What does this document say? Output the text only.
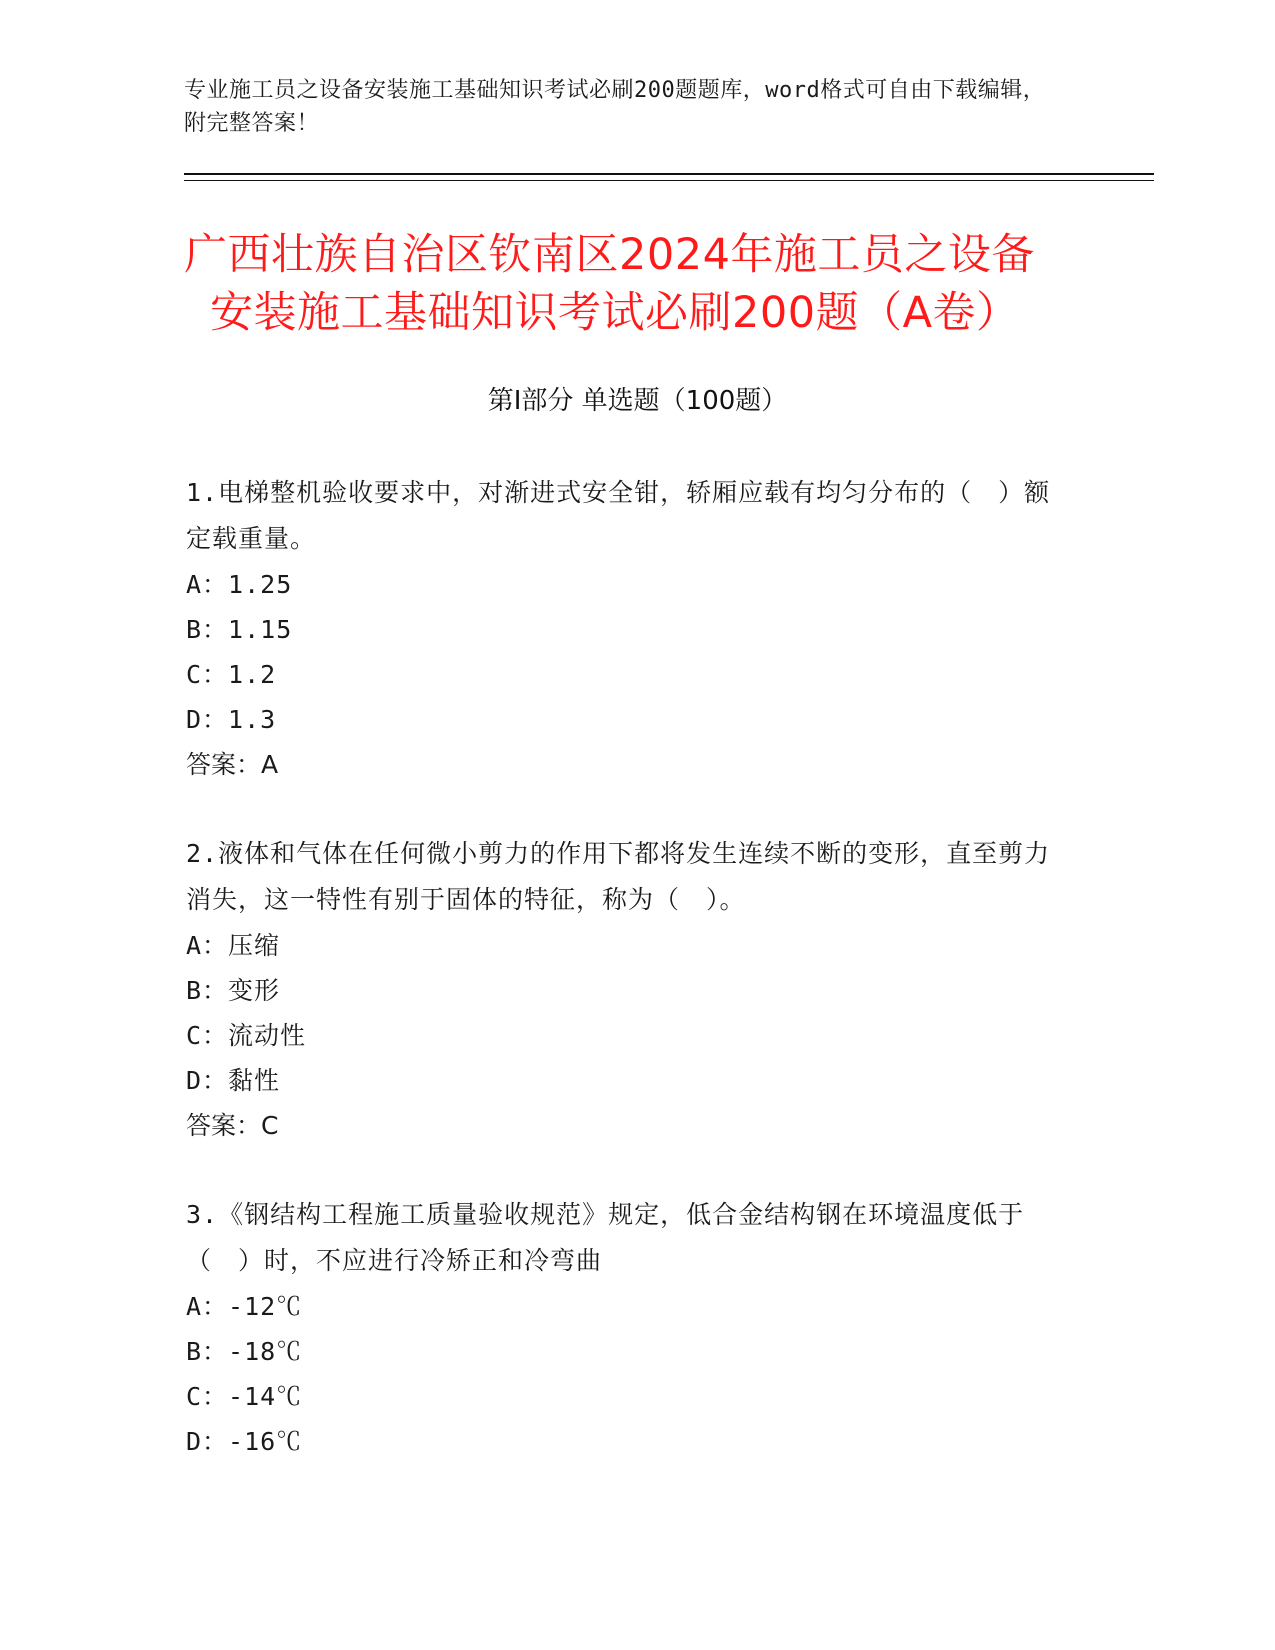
专业施工员之设备安装施工基础知识考试必刷200题题库，word格式可自由下载编辑，附完整答案！
广西壮族自治区钦南区2024年施工员之设备
安装施工基础知识考试必刷200题（A卷）
第Ⅰ部分 单选题（100题）
1.电梯整机验收要求中，对渐进式安全钳，轿厢应载有均匀分布的（　）额定载重量。
A：1.25
B：1.15
C：1.2
D：1.3
答案：A
2.液体和气体在任何微小剪力的作用下都将发生连续不断的变形，直至剪力消失，这一特性有别于固体的特征，称为（　）。
A：压缩
B：变形
C：流动性
D：黏性
答案：C
3.《钢结构工程施工质量验收规范》规定，低合金结构钢在环境温度低于（　）时，不应进行冷矫正和冷弯曲
A：-12℃
B：-18℃
C：-14℃
D：-16℃
